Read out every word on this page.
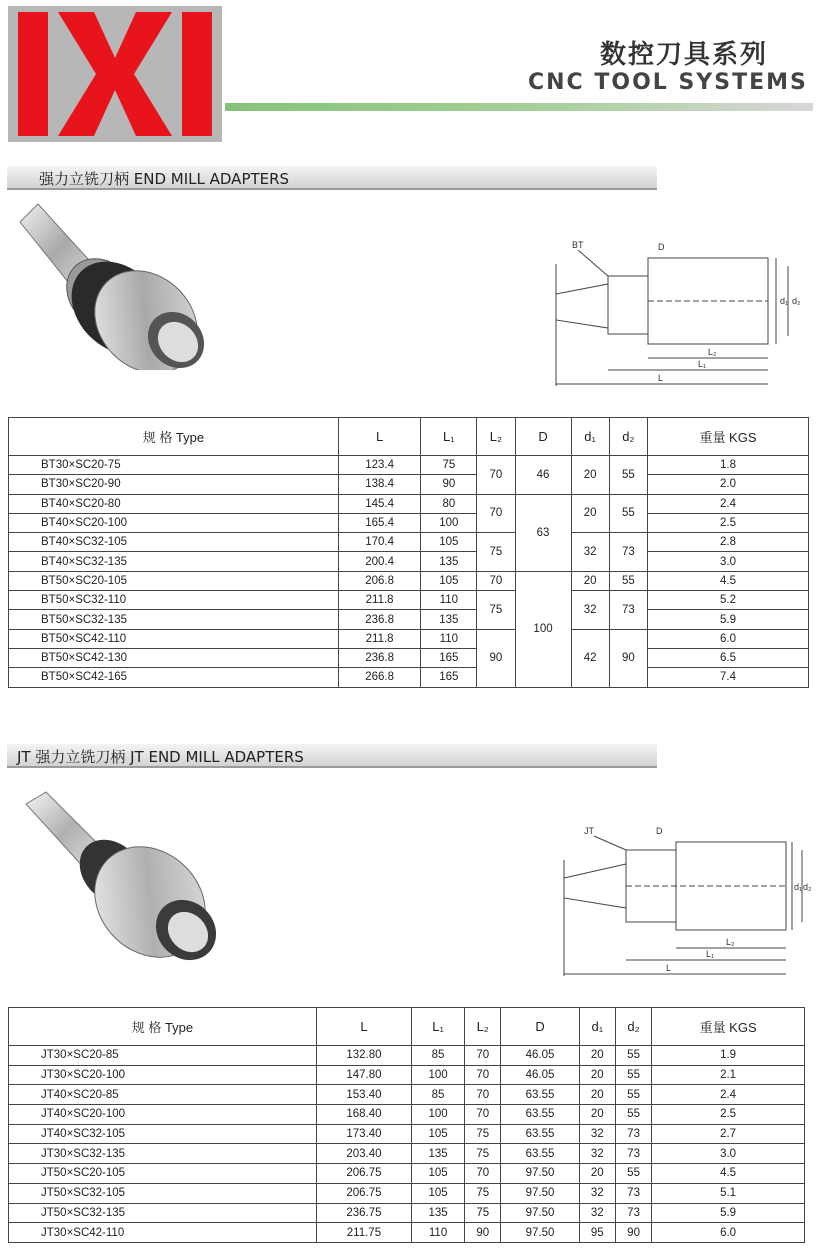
数控刀具系列
CNC TOOL SYSTEMS
强力立铣刀柄 END MILL ADAPTERS
BT	D
d₁ d₂
L
L₁
L₂
规 格 Type	L	L₁	L₂	D	d₁	d₂	重量 KGS
BT30×SC20-75	123.4	75	70	46	20	55	1.8
BT30×SC20-90	138.4	90					2.0
BT40×SC20-80	145.4	80	70	63	20	55	2.4
BT40×SC20-100	165.4	100					2.5
BT40×SC32-105	170.4	105	75		32	73	2.8
BT40×SC32-135	200.4	135					3.0
BT50×SC20-105	206.8	105	70	100	20	55	4.5
BT50×SC32-110	211.8	110	75		32	73	5.2
BT50×SC32-135	236.8	135					5.9
BT50×SC42-110	211.8	110	90		42	90	6.0
BT50×SC42-130	236.8	165					6.5
BT50×SC42-165	266.8	165					7.4
JT 强力立铣刀柄 JT END MILL ADAPTERS
JT	D
d₁ d₂
L
L₁
L₂
规 格 Type	L	L₁	L₂	D	d₁	d₂	重量 KGS
JT30×SC20-85	132.80	85	70	46.05	20	55	1.9
JT30×SC20-100	147.80	100	70	46.05	20	55	2.1
JT40×SC20-85	153.40	85	70	63.55	20	55	2.4
JT40×SC20-100	168.40	100	70	63.55	20	55	2.5
JT40×SC32-105	173.40	105	75	63.55	32	73	2.7
JT30×SC32-135	203.40	135	75	63.55	32	73	3.0
JT50×SC20-105	206.75	105	70	97.50	20	55	4.5
JT50×SC32-105	206.75	105	75	97.50	32	73	5.1
JT50×SC32-135	236.75	135	75	97.50	32	73	5.9
JT30×SC42-110	211.75	110	90	97.50	95	90	6.0
